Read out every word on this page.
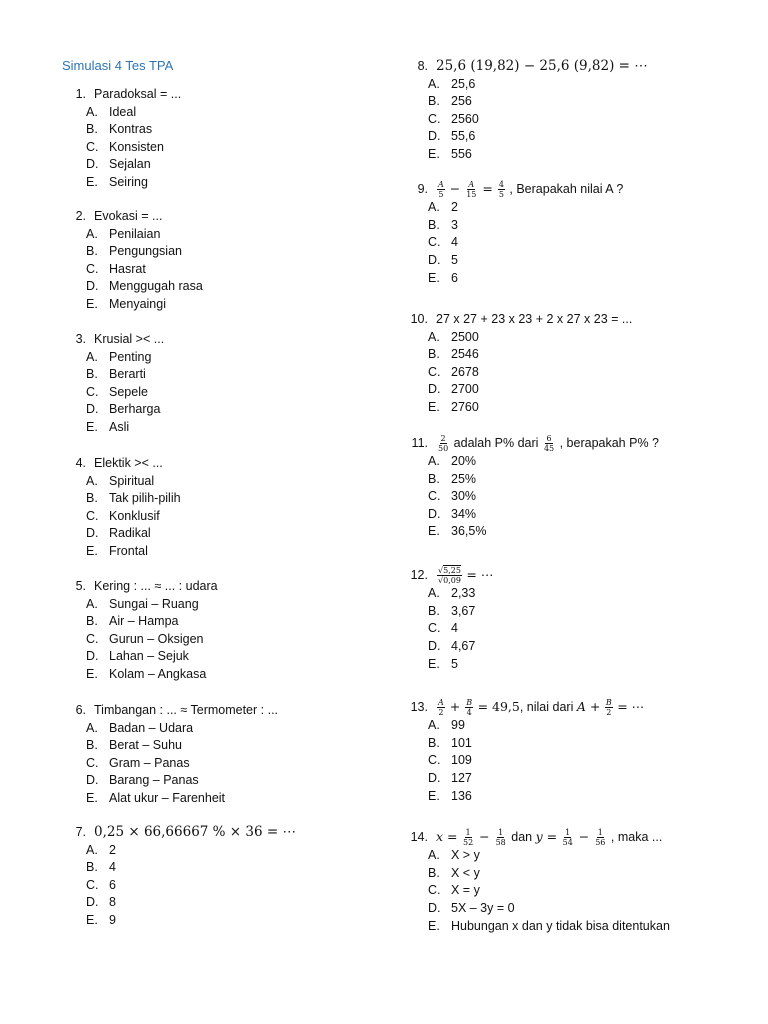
Simulasi 4 Tes TPA
1. Paradoksal = ...
A. Ideal
B. Kontras
C. Konsisten
D. Sejalan
E. Seiring
2. Evokasi = ...
A. Penilaian
B. Pengungsian
C. Hasrat
D. Menggugah rasa
E. Menyaingi
3. Krusial >< ...
A. Penting
B. Berarti
C. Sepele
D. Berharga
E. Asli
4. Elektik >< ...
A. Spiritual
B. Tak pilih-pilih
C. Konklusif
D. Radikal
E. Frontal
5. Kering : ... ≈ ... : udara
A. Sungai – Ruang
B. Air – Hampa
C. Gurun – Oksigen
D. Lahan – Sejuk
E. Kolam – Angkasa
6. Timbangan : ... ≈ Termometer : ...
A. Badan – Udara
B. Berat – Suhu
C. Gram – Panas
D. Barang – Panas
E. Alat ukur – Farenheit
7. 0,25 × 66,66667 % × 36 = ⋯
A. 2
B. 4
C. 6
D. 8
E. 9
8. 25,6 (19,82) − 25,6 (9,82) = ⋯
A. 25,6
B. 256
C. 2560
D. 55,6
E. 556
9. $\frac{A}{5} - \frac{A}{15} = \frac{4}{5}$ , Berapakah nilai A ?
A. 2
B. 3
C. 4
D. 5
E. 6
10. 27 x 27 + 23 x 23 + 2 x 27 x 23 = ...
A. 2500
B. 2546
C. 2678
D. 2700
E. 2760
11. $\frac{2}{50}$ adalah P% dari $\frac{6}{45}$ , berapakah P% ?
A. 20%
B. 25%
C. 30%
D. 34%
E. 36,5%
12. $\frac{√5,25}{√0,09}$ = ⋯
A. 2,33
B. 3,67
C. 4
D. 4,67
E. 5
13. $\frac{A}{2} + \frac{B}{4} = 49,5$, nilai dari $A + \frac{B}{2}$ = ⋯
A. 99
B. 101
C. 109
D. 127
E. 136
14. $x = \frac{1}{52} - \frac{1}{58}$ dan $y = \frac{1}{54} - \frac{1}{56}$ , maka ...
A. X > y
B. X < y
C. X = y
D. 5X – 3y = 0
E. Hubungan x dan y tidak bisa ditentukan
